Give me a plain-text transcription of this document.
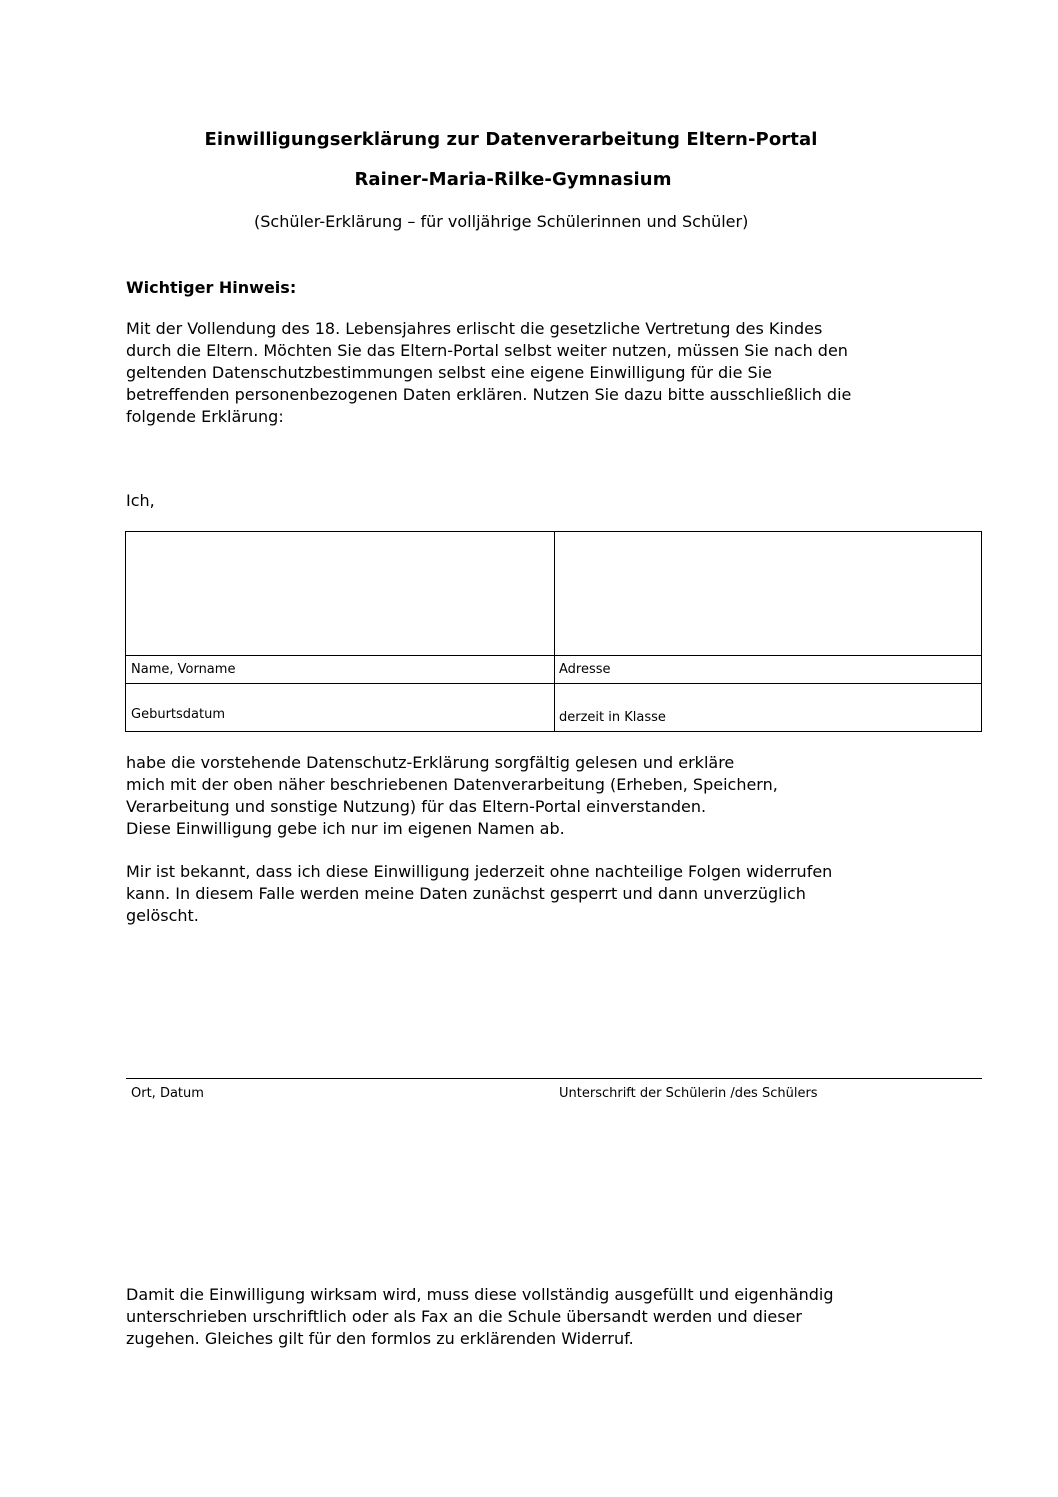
Einwilligungserklärung zur Datenverarbeitung Eltern-Portal
Rainer-Maria-Rilke-Gymnasium
(Schüler-Erklärung – für volljährige Schülerinnen und Schüler)
Wichtiger Hinweis:
Mit der Vollendung des 18. Lebensjahres erlischt die gesetzliche Vertretung des Kindes
durch die Eltern. Möchten Sie das Eltern-Portal selbst weiter nutzen, müssen Sie nach den
geltenden Datenschutzbestimmungen selbst eine eigene Einwilligung für die Sie
betreffenden personenbezogenen Daten erklären. Nutzen Sie dazu bitte ausschließlich die
folgende Erklärung:
Ich,
Name, Vorname	Adresse
Geburtsdatum	derzeit in Klasse
habe die vorstehende Datenschutz-Erklärung sorgfältig gelesen und erkläre
mich mit der oben näher beschriebenen Datenverarbeitung (Erheben, Speichern,
Verarbeitung und sonstige Nutzung) für das Eltern-Portal einverstanden.
Diese Einwilligung gebe ich nur im eigenen Namen ab.
Mir ist bekannt, dass ich diese Einwilligung jederzeit ohne nachteilige Folgen widerrufen
kann. In diesem Falle werden meine Daten zunächst gesperrt und dann unverzüglich
gelöscht.
Ort, Datum	Unterschrift der Schülerin /des Schülers
Damit die Einwilligung wirksam wird, muss diese vollständig ausgefüllt und eigenhändig
unterschrieben urschriftlich oder als Fax an die Schule übersandt werden und dieser
zugehen. Gleiches gilt für den formlos zu erklärenden Widerruf.
